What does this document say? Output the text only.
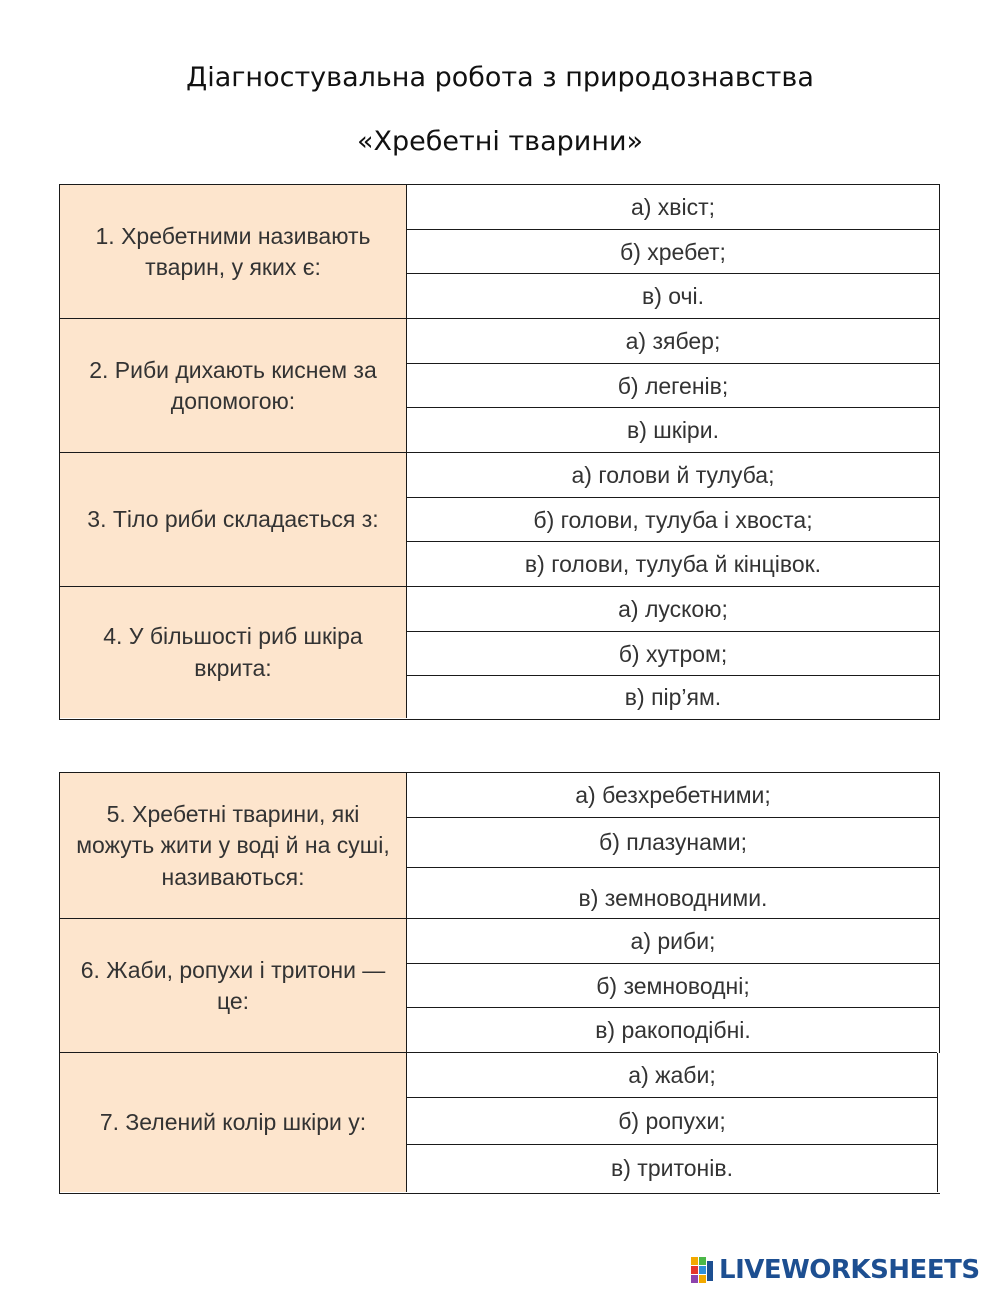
Діагностувальна робота з природознавства
«Хребетні тварини»
1. Хребетними називають тварин, у яких є:
а) хвіст;
б) хребет;
в) очі.
2. Риби дихають киснем за допомогою:
а) зябер;
б) легенів;
в) шкіри.
3. Тіло риби складається з:
а) голови й тулуба;
б) голови, тулуба і хвоста;
в) голови, тулуба й кінцівок.
4. У більшості риб шкіра вкрита:
а) лускою;
б) хутром;
в) пір’ям.
5. Хребетні тварини, які можуть жити у воді й на суші, називаються:
а) безхребетними;
б) плазунами;
в) земноводними.
6. Жаби, ропухи і тритони — це:
а) риби;
б) земноводні;
в) ракоподібні.
7. Зелений колір шкіри у:
а) жаби;
б) ропухи;
в) тритонів.
LIVEWORKSHEETS
